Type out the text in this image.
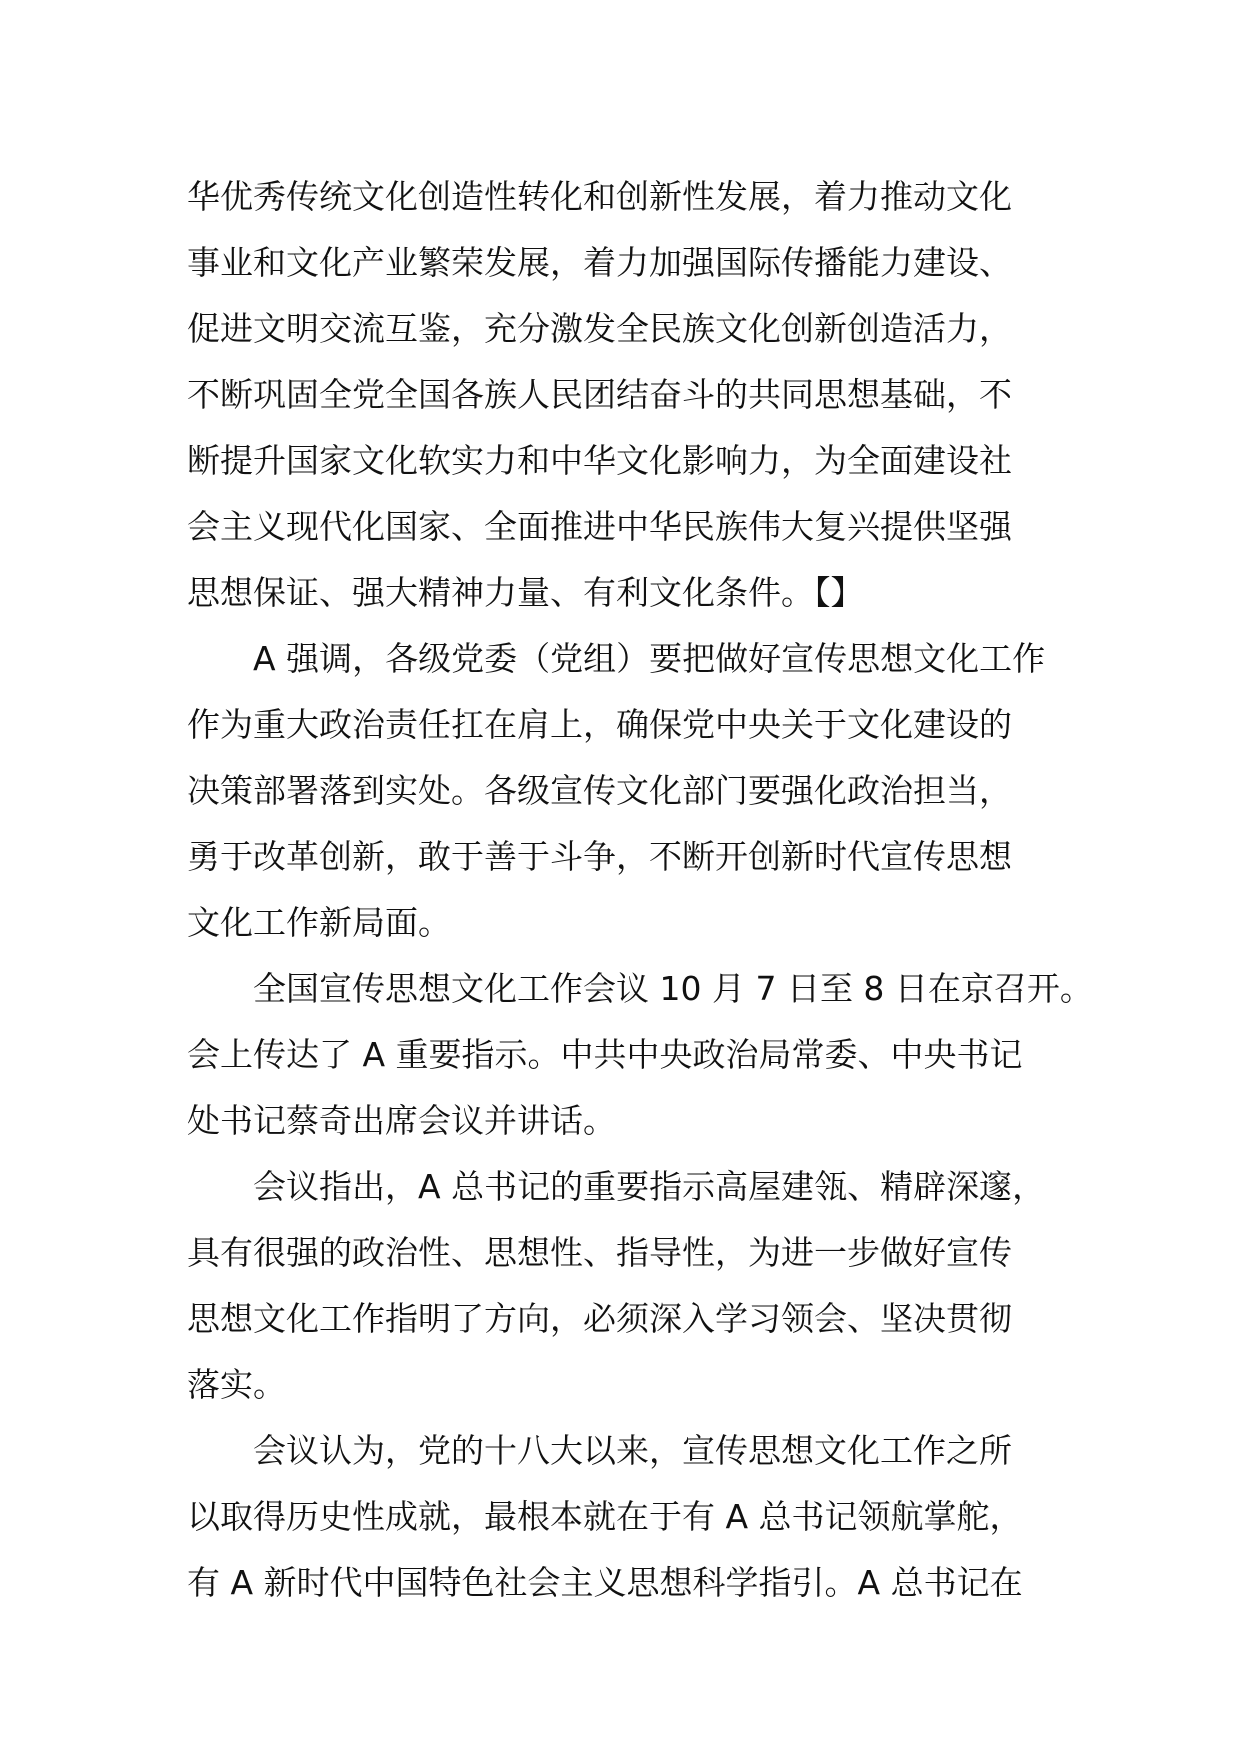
华优秀传统文化创造性转化和创新性发展，着力推动文化
事业和文化产业繁荣发展，着力加强国际传播能力建设、
促进文明交流互鉴，充分激发全民族文化创新创造活力，
不断巩固全党全国各族人民团结奋斗的共同思想基础，不
断提升国家文化软实力和中华文化影响力，为全面建设社
会主义现代化国家、全面推进中华民族伟大复兴提供坚强
思想保证、强大精神力量、有利文化条件。【】
A 强调，各级党委（党组）要把做好宣传思想文化工作
作为重大政治责任扛在肩上，确保党中央关于文化建设的
决策部署落到实处。各级宣传文化部门要强化政治担当，
勇于改革创新，敢于善于斗争，不断开创新时代宣传思想
文化工作新局面。
全国宣传思想文化工作会议 10 月 7 日至 8 日在京召开。
会上传达了 A 重要指示。中共中央政治局常委、中央书记
处书记蔡奇出席会议并讲话。
会议指出，A 总书记的重要指示高屋建瓴、精辟深邃，
具有很强的政治性、思想性、指导性，为进一步做好宣传
思想文化工作指明了方向，必须深入学习领会、坚决贯彻
落实。
会议认为，党的十八大以来，宣传思想文化工作之所
以取得历史性成就，最根本就在于有 A 总书记领航掌舵，
有 A 新时代中国特色社会主义思想科学指引。A 总书记在
